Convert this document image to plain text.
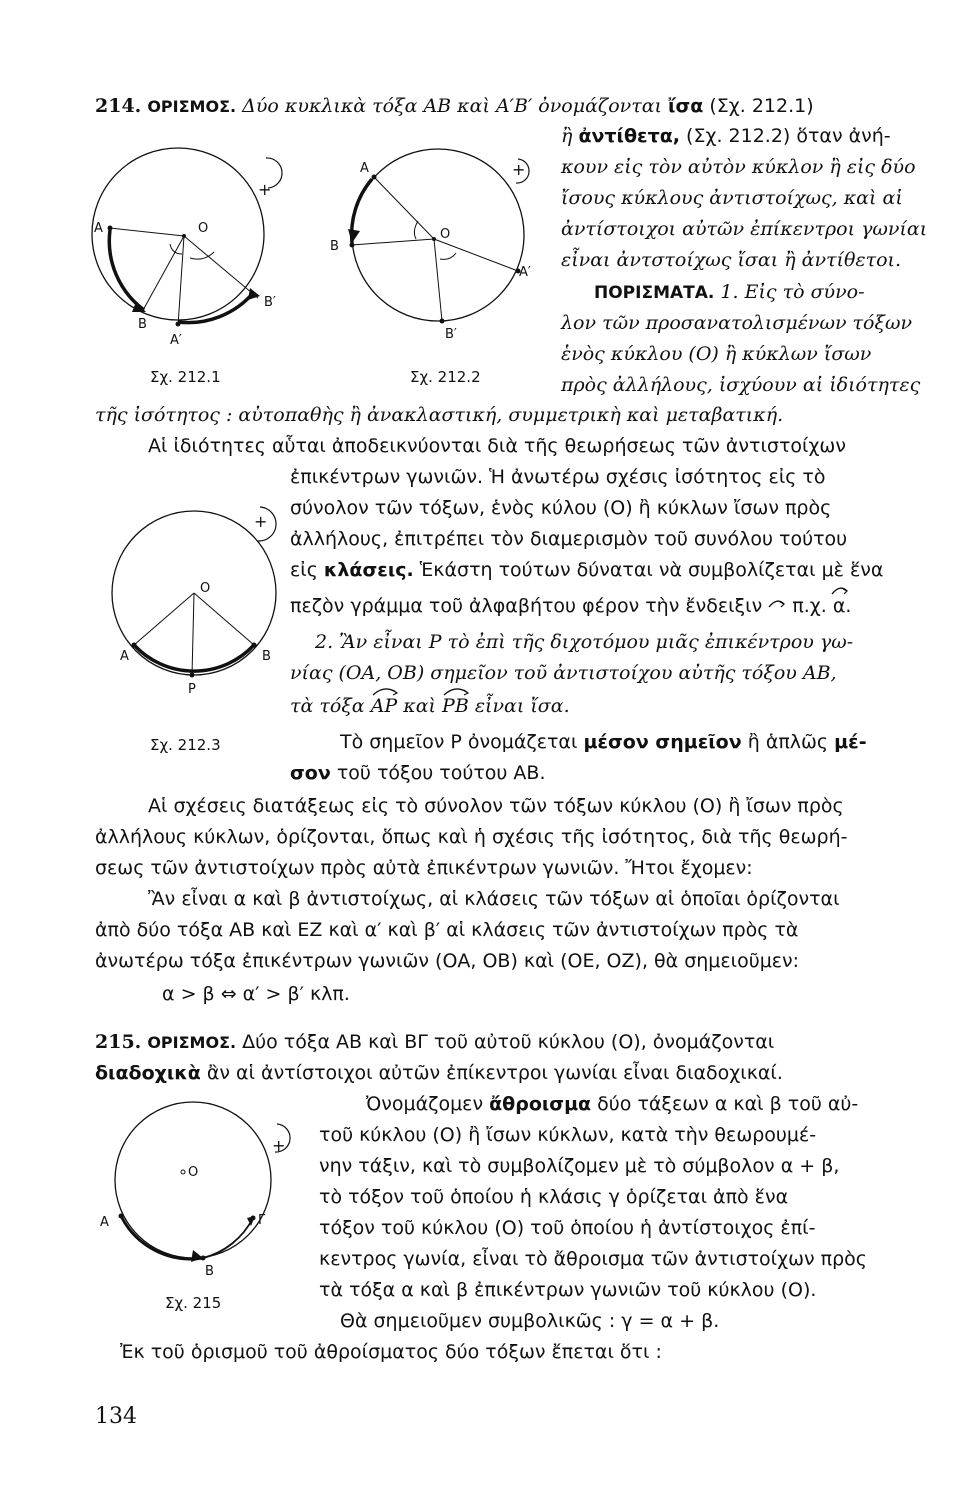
214. ΟΡΙΣΜΟΣ. Δύο κυκλικὰ τόξα ΑΒ καὶ Α′Β′ ὀνομάζονται ἴσα (Σχ. 212.1)
ἢ ἀντίθετα, (Σχ. 212.2) ὅταν ἀνή-
κουν εἰς τὸν αὐτὸν κύκλον ἢ εἰς δύο
ἴσους κύκλους ἀντιστοίχως, καὶ αἱ
ἀντίστοιχοι αὐτῶν ἐπίκεντροι γωνίαι
εἶναι ἀντστοίχως ἴσαι ἢ ἀντίθετοι.
ΠΟΡΙΣΜΑΤΑ. 1. Εἰς τὸ σύνο-
λον τῶν προσανατολισμένων τόξων
ἑνὸς κύκλου (Ο) ἢ κύκλων ἴσων
πρὸς ἀλλήλους, ἰσχύουν αἱ ἰδιότητες
τῆς ἰσότητος : αὐτοπαθὴς ἢ ἀνακλαστική, συμμετρικὴ καὶ μεταβατική.
Αἱ ἰδιότητες αὗται ἀποδεικνύονται διὰ τῆς θεωρήσεως τῶν ἀντιστοίχων
ἐπικέντρων γωνιῶν. Ἡ ἀνωτέρω σχέσις ἰσότητος εἰς τὸ
σύνολον τῶν τόξων, ἑνὸς κύλου (Ο) ἢ κύκλων ἴσων πρὸς
ἀλλήλους, ἐπιτρέπει τὸν διαμερισμὸν τοῦ συνόλου τούτου
εἰς κλάσεις. Ἑκάστη τούτων δύναται νὰ συμβολίζεται μὲ ἕνα
πεζὸν γράμμα τοῦ ἀλφαβήτου φέρον τὴν ἔνδειξιν π.χ. α.
2. Ἂν εἶναι Ρ τὸ ἐπὶ τῆς διχοτόμου μιᾶς ἐπικέντρου γω-
νίας (ΟΑ, ΟΒ) σημεῖον τοῦ ἀντιστοίχου αὐτῆς τόξου ΑΒ,
τὰ τόξα ΑΡ καὶ ΡΒ εἶναι ἴσα.
Τὸ σημεῖον Ρ ὀνομάζεται μέσον σημεῖον ἢ ἁπλῶς μέ-
σον τοῦ τόξου τούτου ΑΒ.
Αἱ σχέσεις διατάξεως εἰς τὸ σύνολον τῶν τόξων κύκλου (Ο) ἢ ἴσων πρὸς
ἀλλήλους κύκλων, ὁρίζονται, ὅπως καὶ ἡ σχέσις τῆς ἰσότητος, διὰ τῆς θεωρή-
σεως τῶν ἀντιστοίχων πρὸς αὐτὰ ἐπικέντρων γωνιῶν. Ἤτοι ἔχομεν:
Ἂν εἶναι α καὶ β ἀντιστοίχως, αἱ κλάσεις τῶν τόξων αἱ ὁποῖαι ὁρίζονται
ἀπὸ δύο τόξα ΑΒ καὶ ΕΖ καὶ α′ καὶ β′ αἱ κλάσεις τῶν ἀντιστοίχων πρὸς τὰ
ἀνωτέρω τόξα ἐπικέντρων γωνιῶν (ΟΑ, ΟΒ) καὶ (ΟΕ, ΟΖ), θὰ σημειοῦμεν:
α > β ⇔ α′ > β′ κλπ.
215. ΟΡΙΣΜΟΣ. Δύο τόξα ΑΒ καὶ ΒΓ τοῦ αὐτοῦ κύκλου (Ο), ὀνομάζονται
διαδοχικὰ ἂν αἱ ἀντίστοιχοι αὐτῶν ἐπίκεντροι γωνίαι εἶναι διαδοχικαί.
Ὀνομάζομεν ἄθροισμα δύο τάξεων α καὶ β τοῦ αὐ-
τοῦ κύκλου (Ο) ἢ ἴσων κύκλων, κατὰ τὴν θεωρουμέ-
νην τάξιν, καὶ τὸ συμβολίζομεν μὲ τὸ σύμβολον α + β,
τὸ τόξον τοῦ ὁποίου ἡ κλάσις γ ὁρίζεται ἀπὸ ἕνα
τόξον τοῦ κύκλου (Ο) τοῦ ὁποίου ἡ ἀντίστοιχος ἐπί-
κεντρος γωνία, εἶναι τὸ ἄθροισμα τῶν ἀντιστοίχων πρὸς
τὰ τόξα α καὶ β ἐπικέντρων γωνιῶν τοῦ κύκλου (Ο).
Θὰ σημειοῦμεν συμβολικῶς : γ = α + β.
Ἐκ τοῦ ὁρισμοῦ τοῦ ἀθροίσματος δύο τόξων ἔπεται ὅτι :
134
A	O
B
A′
B′
+
Σχ. 212.1
A
O
B
A′
B′
+
Σχ. 212.2
O
A	B
P
+
Σχ. 212.3
O
A	Γ
B
+
Σχ. 215
